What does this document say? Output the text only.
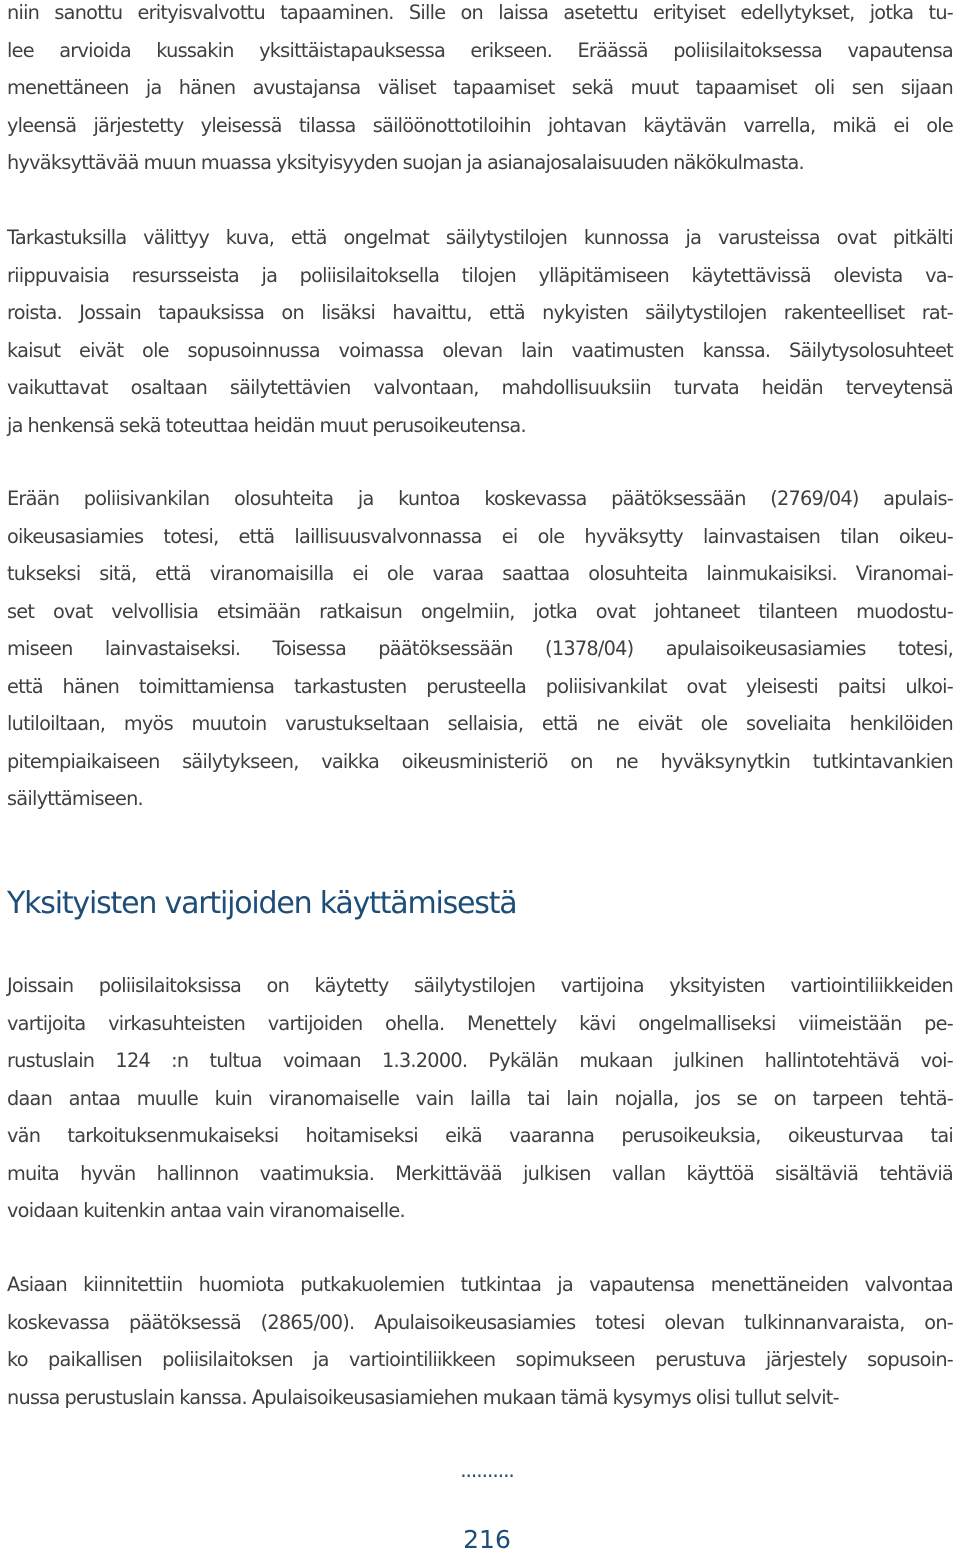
niin sanottu erityisvalvottu tapaaminen. Sille on laissa asetettu erityiset edellytykset, jotka tu-
lee arvioida kussakin yksittäistapauksessa erikseen. Eräässä poliisilaitoksessa vapautensa
menettäneen ja hänen avustajansa väliset tapaamiset sekä muut tapaamiset oli sen sijaan
yleensä järjestetty yleisessä tilassa säilöönottotiloihin johtavan käytävän varrella, mikä ei ole
hyväksyttävää muun muassa yksityisyyden suojan ja asianajosalaisuuden näkökulmasta.

Tarkastuksilla välittyy kuva, että ongelmat säilytystilojen kunnossa ja varusteissa ovat pitkälti
riippuvaisia resursseista ja poliisilaitoksella tilojen ylläpitämiseen käytettävissä olevista va-
roista. Jossain tapauksissa on lisäksi havaittu, että nykyisten säilytystilojen rakenteelliset rat-
kaisut eivät ole sopusoinnussa voimassa olevan lain vaatimusten kanssa. Säilytysolosuhteet
vaikuttavat osaltaan säilytettävien valvontaan, mahdollisuuksiin turvata heidän terveytensä
ja henkensä sekä toteuttaa heidän muut perusoikeutensa.

Erään poliisivankilan olosuhteita ja kuntoa koskevassa päätöksessään (2769/04) apulais-
oikeusasiamies totesi, että laillisuusvalvonnassa ei ole hyväksytty lainvastaisen tilan oikeu-
tukseksi sitä, että viranomaisilla ei ole varaa saattaa olosuhteita lainmukaisiksi. Viranomai-
set ovat velvollisia etsimään ratkaisun ongelmiin, jotka ovat johtaneet tilanteen muodostu-
miseen lainvastaiseksi. Toisessa päätöksessään (1378/04) apulaisoikeusasiamies totesi,
että hänen toimittamiensa tarkastusten perusteella poliisivankilat ovat yleisesti paitsi ulkoi-
lutiloiltaan, myös muutoin varustukseltaan sellaisia, että ne eivät ole soveliaita henkilöiden
pitempiaikaiseen säilytykseen, vaikka oikeusministeriö on ne hyväksynytkin tutkintavankien
säilyttämiseen.

Yksityisten vartijoiden käyttämisestä

Joissain poliisilaitoksissa on käytetty säilytystilojen vartijoina yksityisten vartiointiliikkeiden
vartijoita virkasuhteisten vartijoiden ohella. Menettely kävi ongelmalliseksi viimeistään pe-
rustuslain 124 :n tultua voimaan 1.3.2000. Pykälän mukaan julkinen hallintotehtävä voi-
daan antaa muulle kuin viranomaiselle vain lailla tai lain nojalla, jos se on tarpeen tehtä-
vän tarkoituksenmukaiseksi hoitamiseksi eikä vaaranna perusoikeuksia, oikeusturvaa tai
muita hyvän hallinnon vaatimuksia. Merkittävää julkisen vallan käyttöä sisältäviä tehtäviä
voidaan kuitenkin antaa vain viranomaiselle.

Asiaan kiinnitettiin huomiota putkakuolemien tutkintaa ja vapautensa menettäneiden valvontaa
koskevassa päätöksessä (2865/00). Apulaisoikeusasiamies totesi olevan tulkinnanvaraista, on-
ko paikallisen poliisilaitoksen ja vartiointiliikkeen sopimukseen perustuva järjestely sopusoin-
nussa perustuslain kanssa. Apulaisoikeusasiamiehen mukaan tämä kysymys olisi tullut selvit-

..........
216
